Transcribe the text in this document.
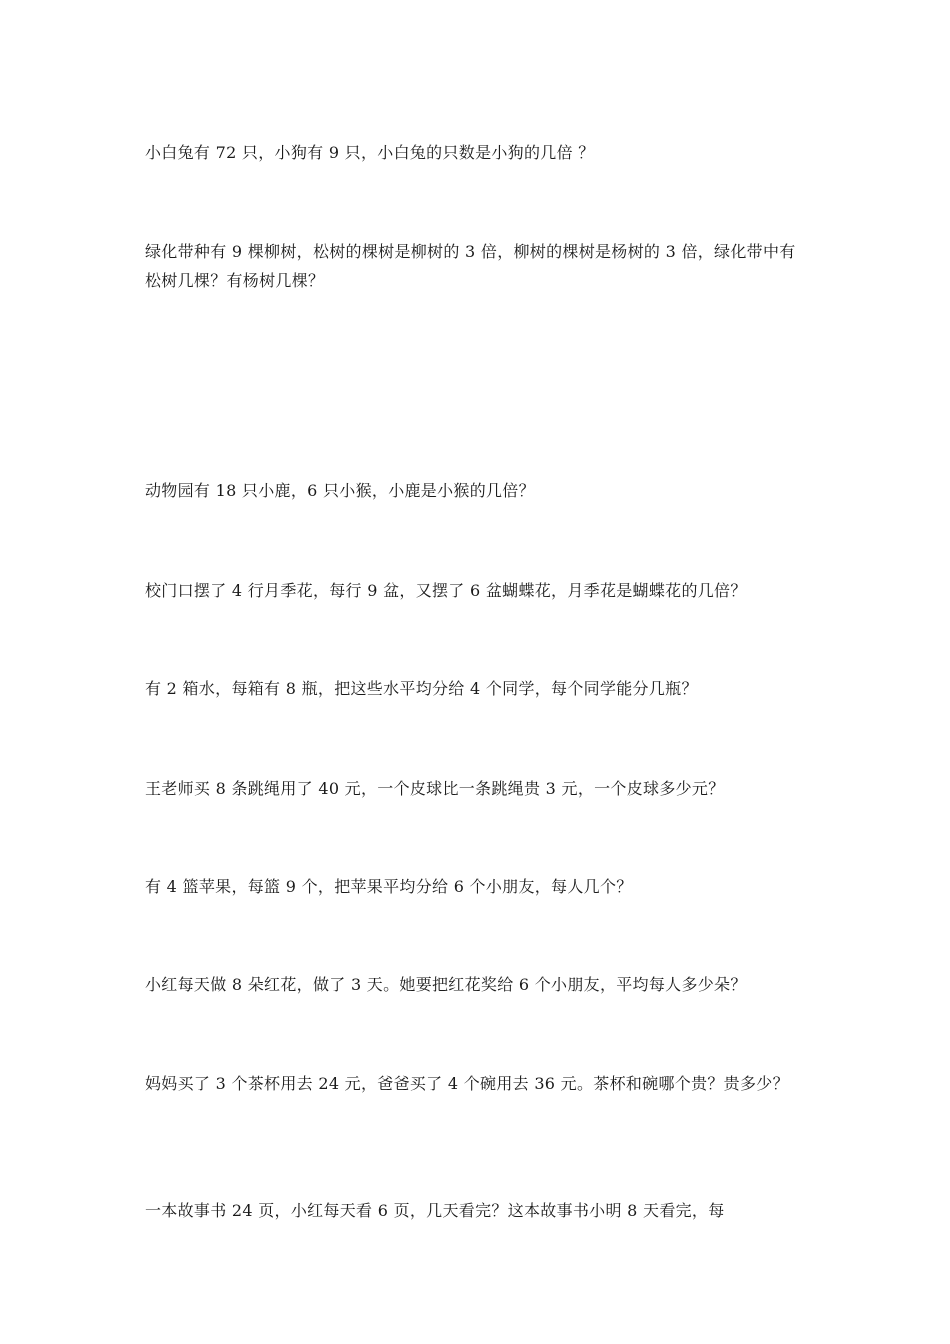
小白兔有 72 只，小狗有 9 只，小白兔的只数是小狗的几倍 ？

绿化带种有 9 棵柳树，松树的棵树是柳树的 3 倍，柳树的棵树是杨树的 3 倍，绿化带中有松树几棵？有杨树几棵？

动物园有 18 只小鹿，6 只小猴，小鹿是小猴的几倍？

校门口摆了 4 行月季花，每行 9 盆，又摆了 6 盆蝴蝶花，月季花是蝴蝶花的几倍？

有 2 箱水，每箱有 8 瓶，把这些水平均分给 4 个同学，每个同学能分几瓶？

王老师买 8 条跳绳用了 40 元，一个皮球比一条跳绳贵 3 元，一个皮球多少元？

有 4 篮苹果，每篮 9 个，把苹果平均分给 6 个小朋友，每人几个？

小红每天做 8 朵红花，做了 3 天。她要把红花奖给 6 个小朋友，平均每人多少朵？

妈妈买了 3 个茶杯用去 24 元，爸爸买了 4 个碗用去 36 元。茶杯和碗哪个贵？贵多少？

一本故事书 24 页，小红每天看 6 页，几天看完？这本故事书小明 8 天看完，每
